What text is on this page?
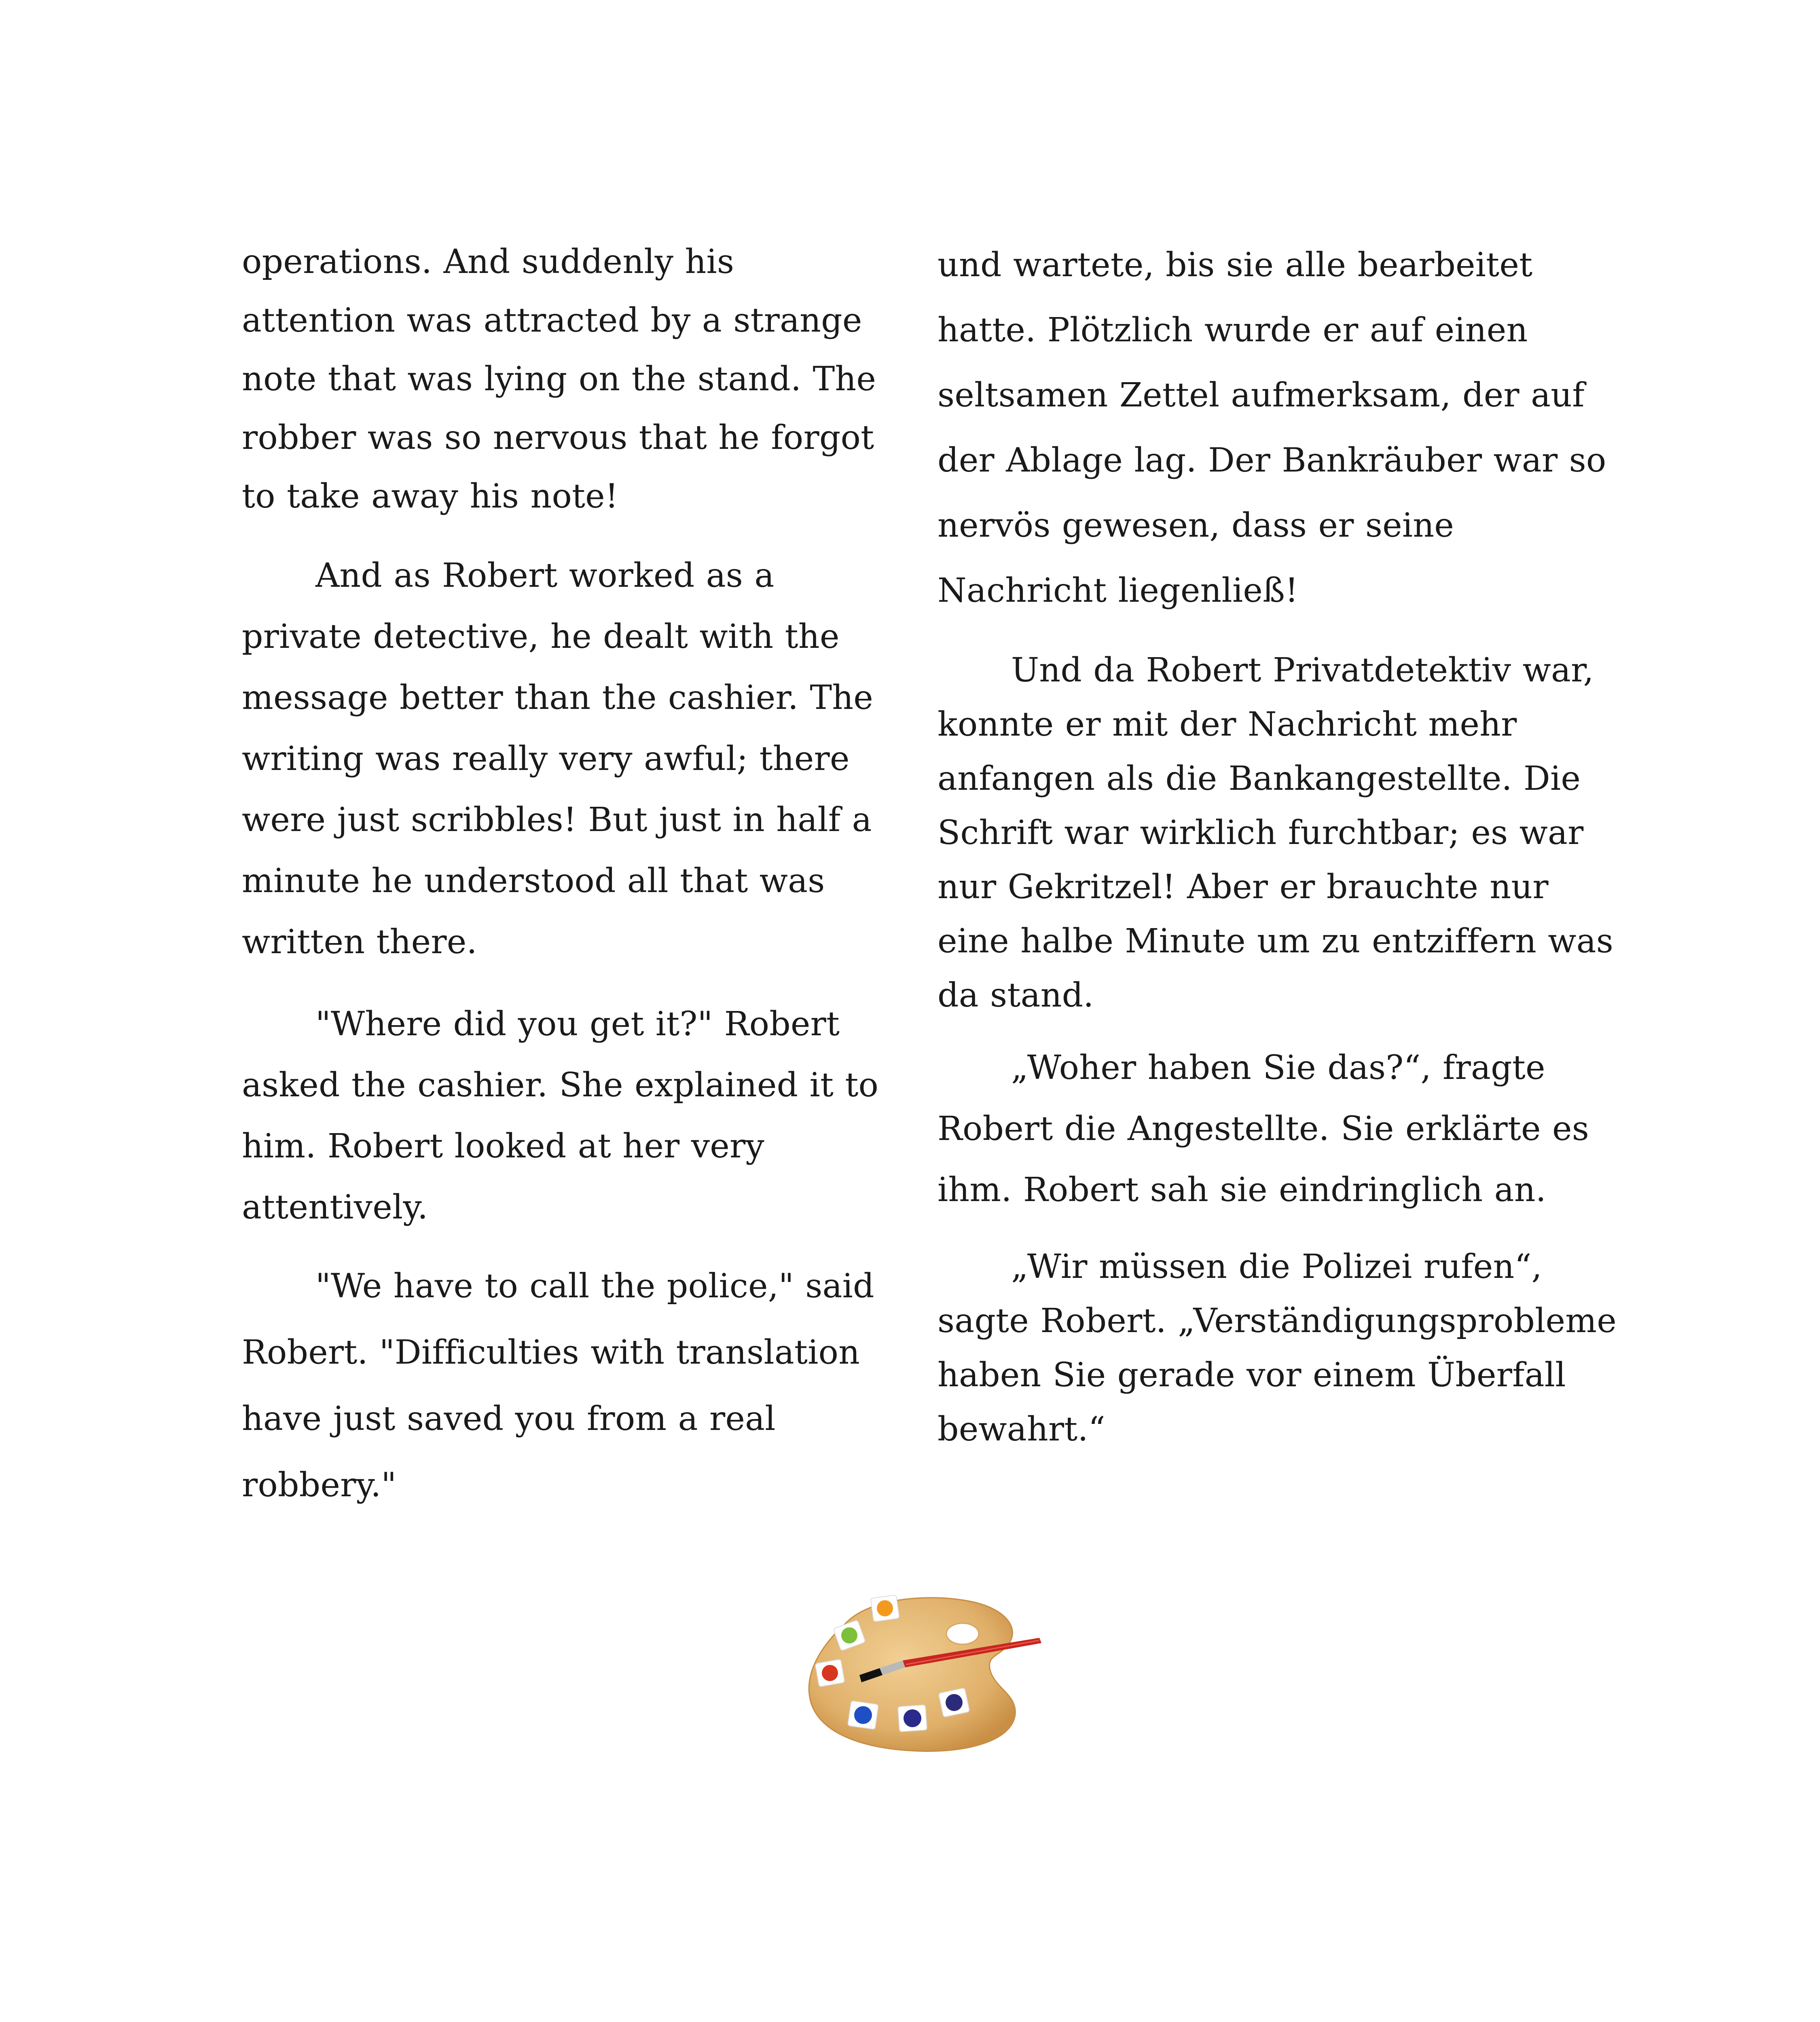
operations. And suddenly his
attention was attracted by a strange
note that was lying on the stand. The
robber was so nervous that he forgot
to take away his note!
And as Robert worked as a
private detective, he dealt with the
message better than the cashier. The
writing was really very awful; there
were just scribbles! But just in half a
minute he understood all that was
written there.
"Where did you get it?" Robert
asked the cashier. She explained it to
him. Robert looked at her very
attentively.
"We have to call the police," said
Robert. "Difficulties with translation
have just saved you from a real
robbery."
und wartete, bis sie alle bearbeitet
hatte. Plötzlich wurde er auf einen
seltsamen Zettel aufmerksam, der auf
der Ablage lag. Der Bankräuber war so
nervös gewesen, dass er seine
Nachricht liegenließ!
Und da Robert Privatdetektiv war,
konnte er mit der Nachricht mehr
anfangen als die Bankangestellte. Die
Schrift war wirklich furchtbar; es war
nur Gekritzel! Aber er brauchte nur
eine halbe Minute um zu entziffern was
da stand.
„Woher haben Sie das?“, fragte
Robert die Angestellte. Sie erklärte es
ihm. Robert sah sie eindringlich an.
„Wir müssen die Polizei rufen“,
sagte Robert. „Verständigungsprobleme
haben Sie gerade vor einem Überfall
bewahrt.“
